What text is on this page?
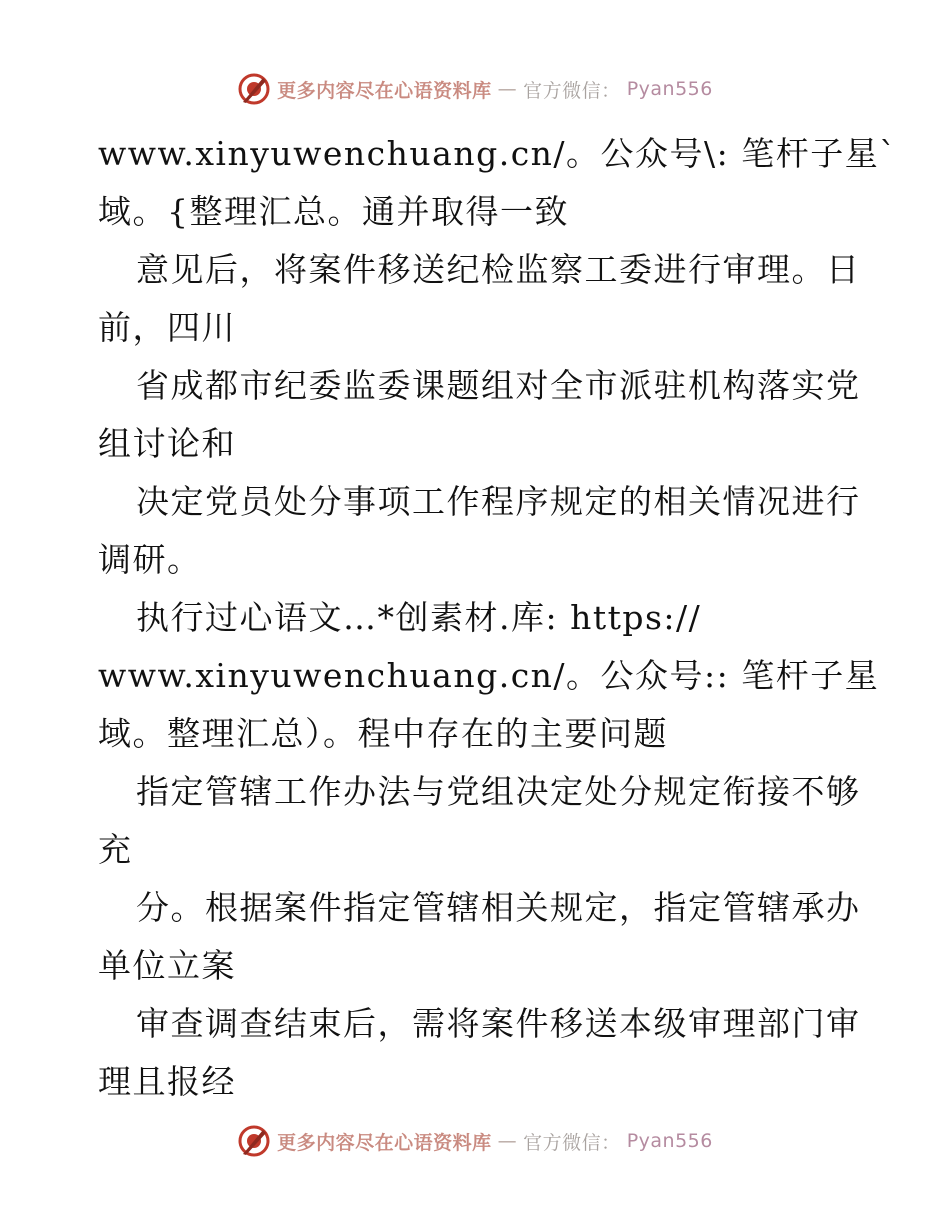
更多内容尽在心语资料库 — 官方微信： Pyan556
www.xinyuwenchuang.cn/。公众号\: 笔杆子星`
域。{整理汇总。通并取得一致
意见后，将案件移送纪检监察工委进行审理。日
前，四川
省成都市纪委监委课题组对全市派驻机构落实党
组讨论和
决定党员处分事项工作程序规定的相关情况进行
调研。
执行过心语文…*创素材.库: https://
www.xinyuwenchuang.cn/。公众号:: 笔杆子星
域。整理汇总）。程中存在的主要问题
指定管辖工作办法与党组决定处分规定衔接不够
充
分。根据案件指定管辖相关规定，指定管辖承办
单位立案
审查调查结束后，需将案件移送本级审理部门审
理且报经
更多内容尽在心语资料库 — 官方微信： Pyan556
